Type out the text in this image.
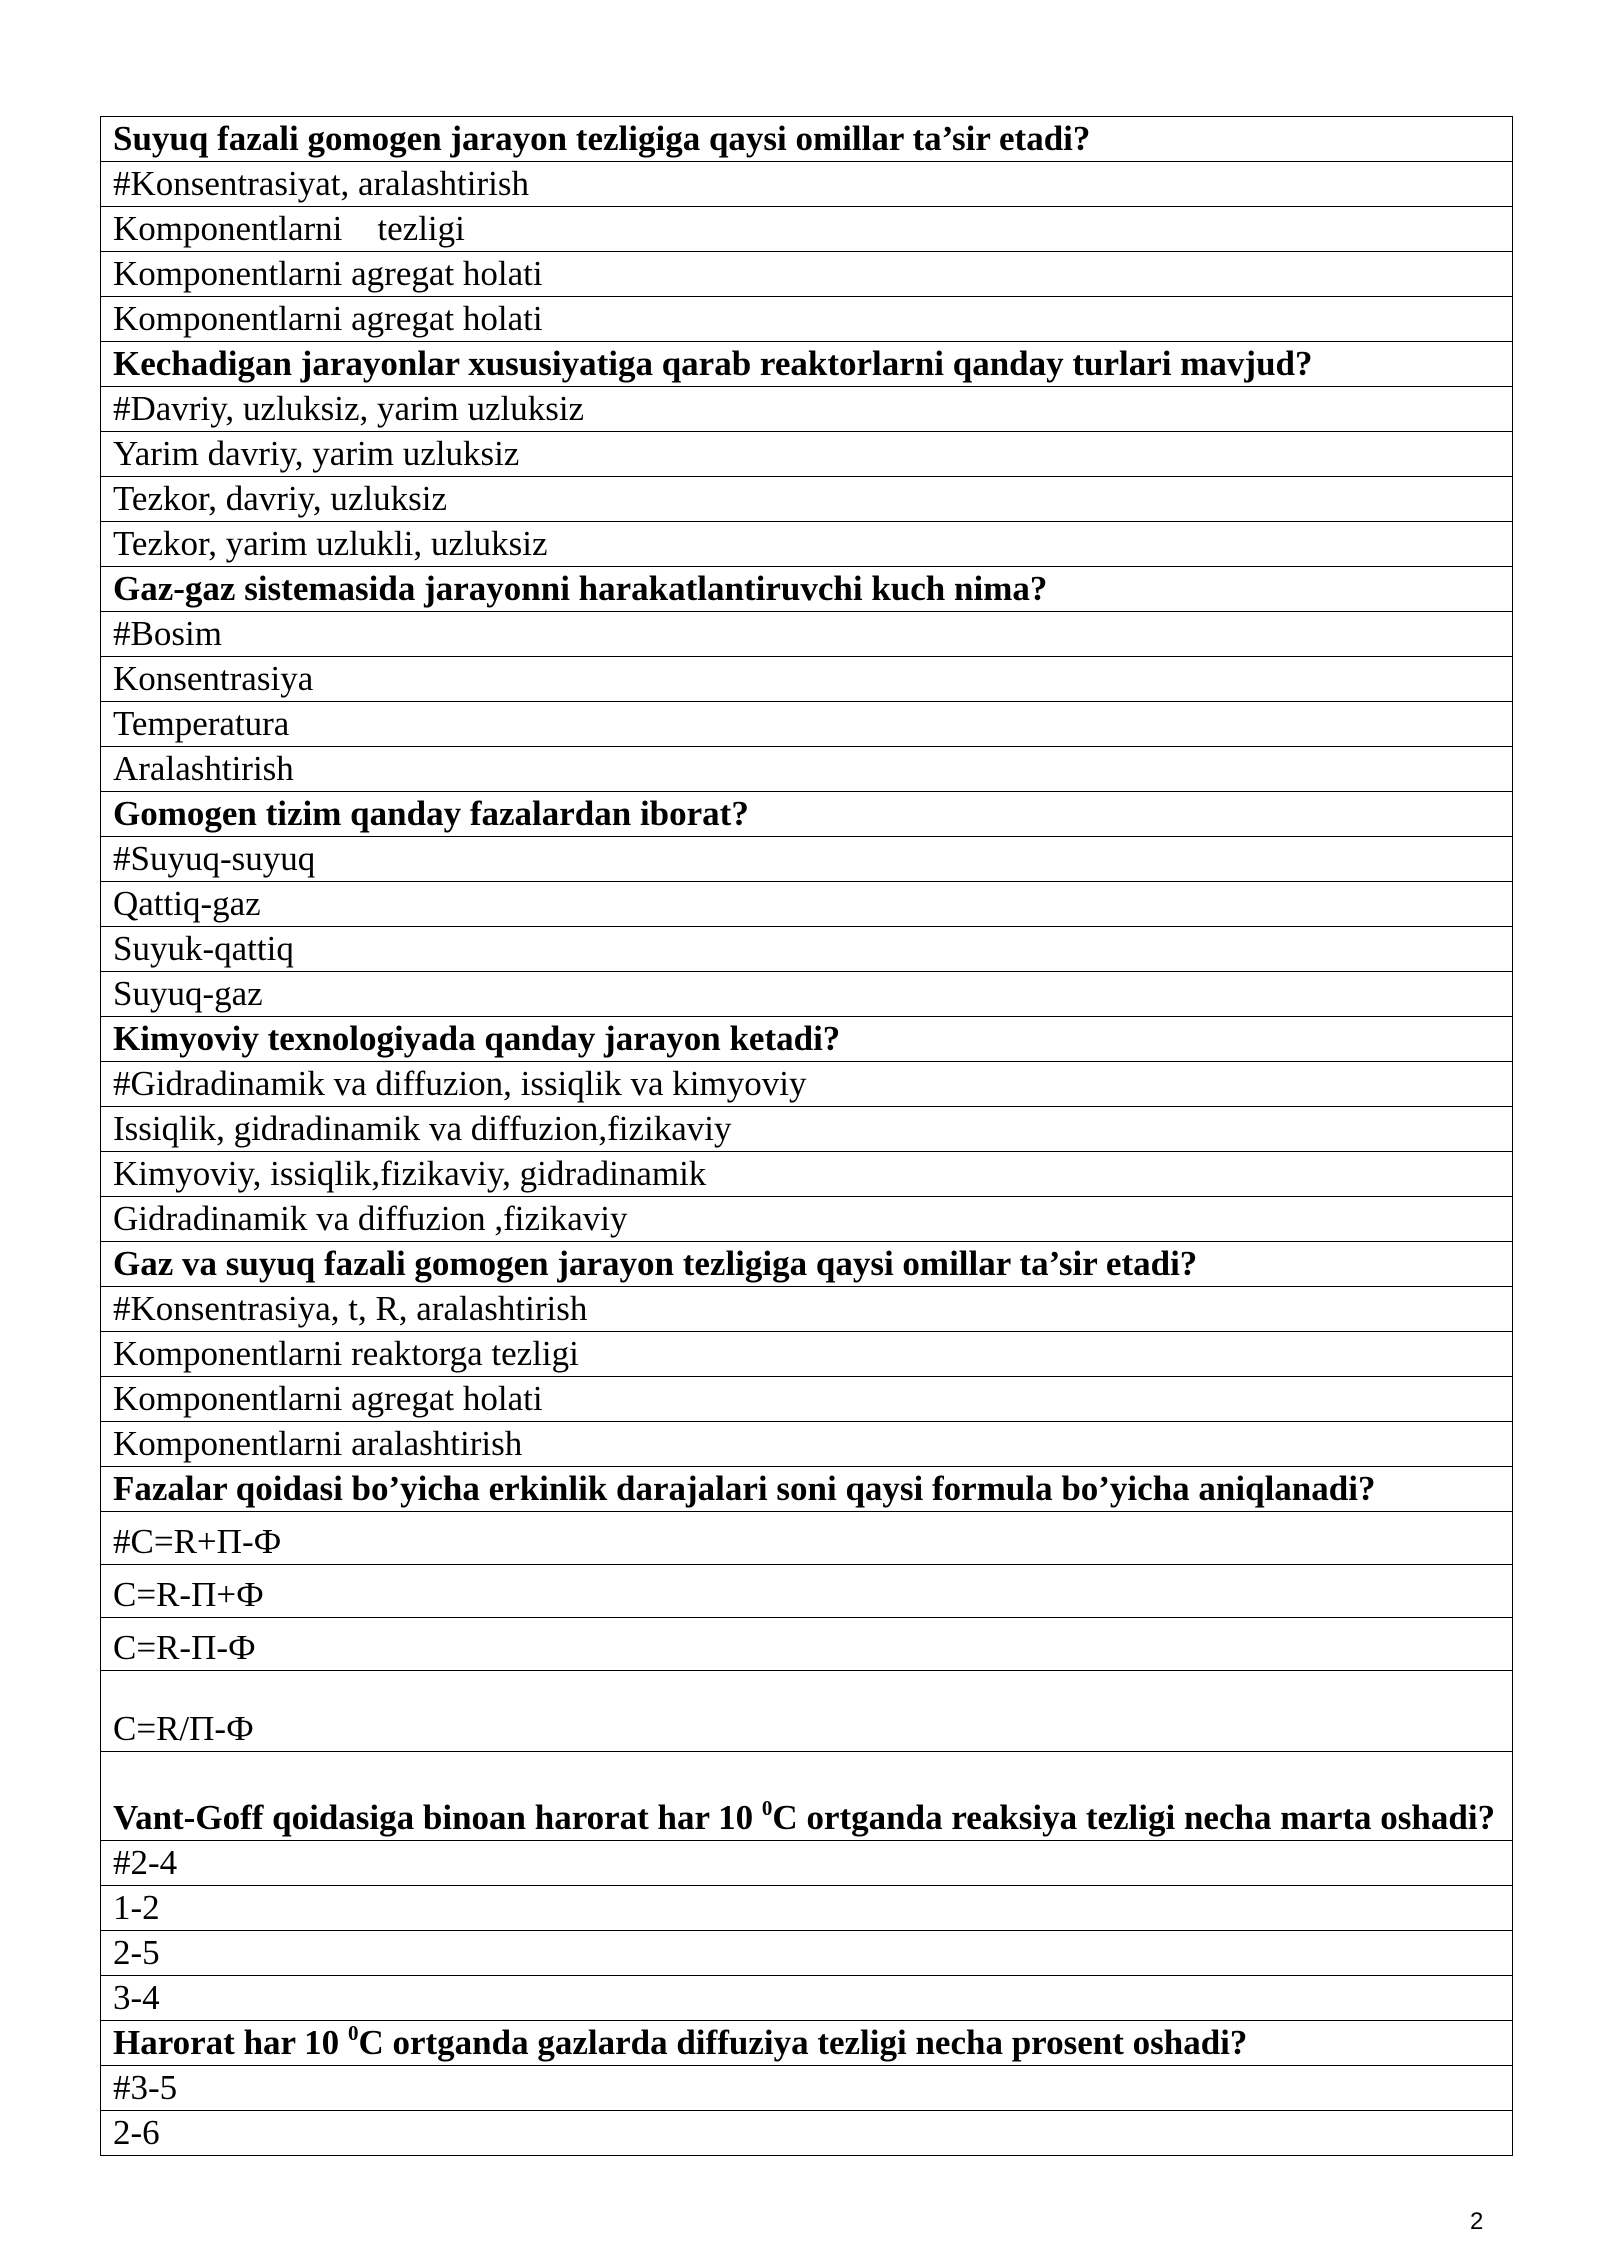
Suyuq fazali gomogen jarayon tezligiga qaysi omillar ta’sir etadi?
#Konsentrasiyat, aralashtirish
Komponentlarni    tezligi
Komponentlarni agregat holati
Komponentlarni agregat holati
Kechadigan jarayonlar xususiyatiga qarab reaktorlarni qanday turlari mavjud?
#Davriy, uzluksiz, yarim uzluksiz
Yarim davriy, yarim uzluksiz
Tezkor, davriy, uzluksiz
Tezkor, yarim uzlukli, uzluksiz
Gaz-gaz sistemasida jarayonni harakatlantiruvchi kuch nima?
#Bosim
Konsentrasiya
Temperatura
Aralashtirish
Gomogen tizim qanday fazalardan iborat?
#Suyuq-suyuq
Qattiq-gaz
Suyuk-qattiq
Suyuq-gaz
Kimyoviy texnologiyada qanday jarayon ketadi?
#Gidradinamik va diffuzion, issiqlik va kimyoviy
Issiqlik, gidradinamik va diffuzion,fizikaviy
Kimyoviy, issiqlik,fizikaviy, gidradinamik
Gidradinamik va diffuzion ,fizikaviy
Gaz va suyuq fazali gomogen jarayon tezligiga qaysi omillar ta’sir etadi?
#Konsentrasiya, t, R, aralashtirish
Komponentlarni reaktorga tezligi
Komponentlarni agregat holati
Komponentlarni aralashtirish
Fazalar qoidasi bo’yicha erkinlik darajalari soni qaysi formula bo’yicha aniqlanadi?
#C=R+П-Ф
C=R-П+Ф
C=R-П-Ф
C=R/П-Ф
Vant-Goff qoidasiga binoan harorat har 10 $^0$C ortganda reaksiya tezligi necha marta oshadi?
#2-4
1-2
2-5
3-4
Harorat har 10 $^0$C ortganda gazlarda diffuziya tezligi necha prosent oshadi?
#3-5
2-6
2
